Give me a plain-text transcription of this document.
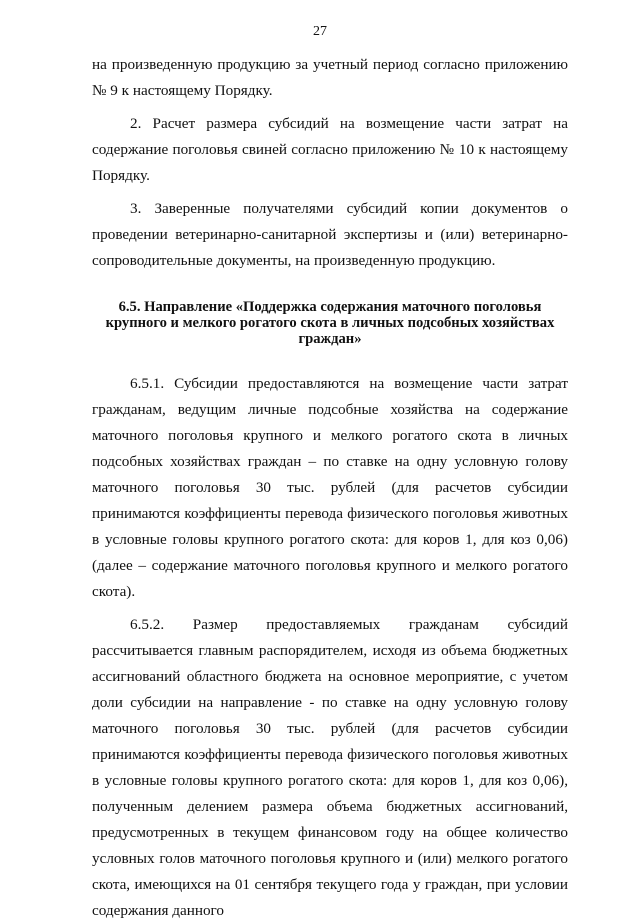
27

на произведенную продукцию за учетный период согласно приложению № 9 к настоящему Порядку.

2. Расчет размера субсидий на возмещение части затрат на содержание поголовья свиней согласно приложению № 10 к настоящему Порядку.

3. Заверенные получателями субсидий копии документов о проведении ветеринарно-санитарной экспертизы и (или) ветеринарно-сопроводительные документы, на произведенную продукцию.

6.5. Направление «Поддержка содержания маточного поголовья крупного и мелкого рогатого скота в личных подсобных хозяйствах граждан»

6.5.1. Субсидии предоставляются на возмещение части затрат гражданам, ведущим личные подсобные хозяйства на содержание маточного поголовья крупного и мелкого рогатого скота в личных подсобных хозяйствах граждан – по ставке на одну условную голову маточного поголовья 30 тыс. рублей (для расчетов субсидии принимаются коэффициенты перевода физического поголовья животных в условные головы крупного рогатого скота: для коров 1, для коз 0,06) (далее – содержание маточного поголовья крупного и мелкого рогатого скота).

6.5.2. Размер предоставляемых гражданам субсидий рассчитывается главным распорядителем, исходя из объема бюджетных ассигнований областного бюджета на основное мероприятие, с учетом доли субсидии на направление - по ставке на одну условную голову маточного поголовья 30 тыс. рублей (для расчетов субсидии принимаются коэффициенты перевода физического поголовья животных в условные головы крупного рогатого скота: для коров 1, для коз 0,06), полученным делением размера объема бюджетных ассигнований, предусмотренных в текущем финансовом году на общее количество условных голов маточного поголовья крупного и (или) мелкого рогатого скота, имеющихся на 01 сентября текущего года у граждан, при условии содержания данного
